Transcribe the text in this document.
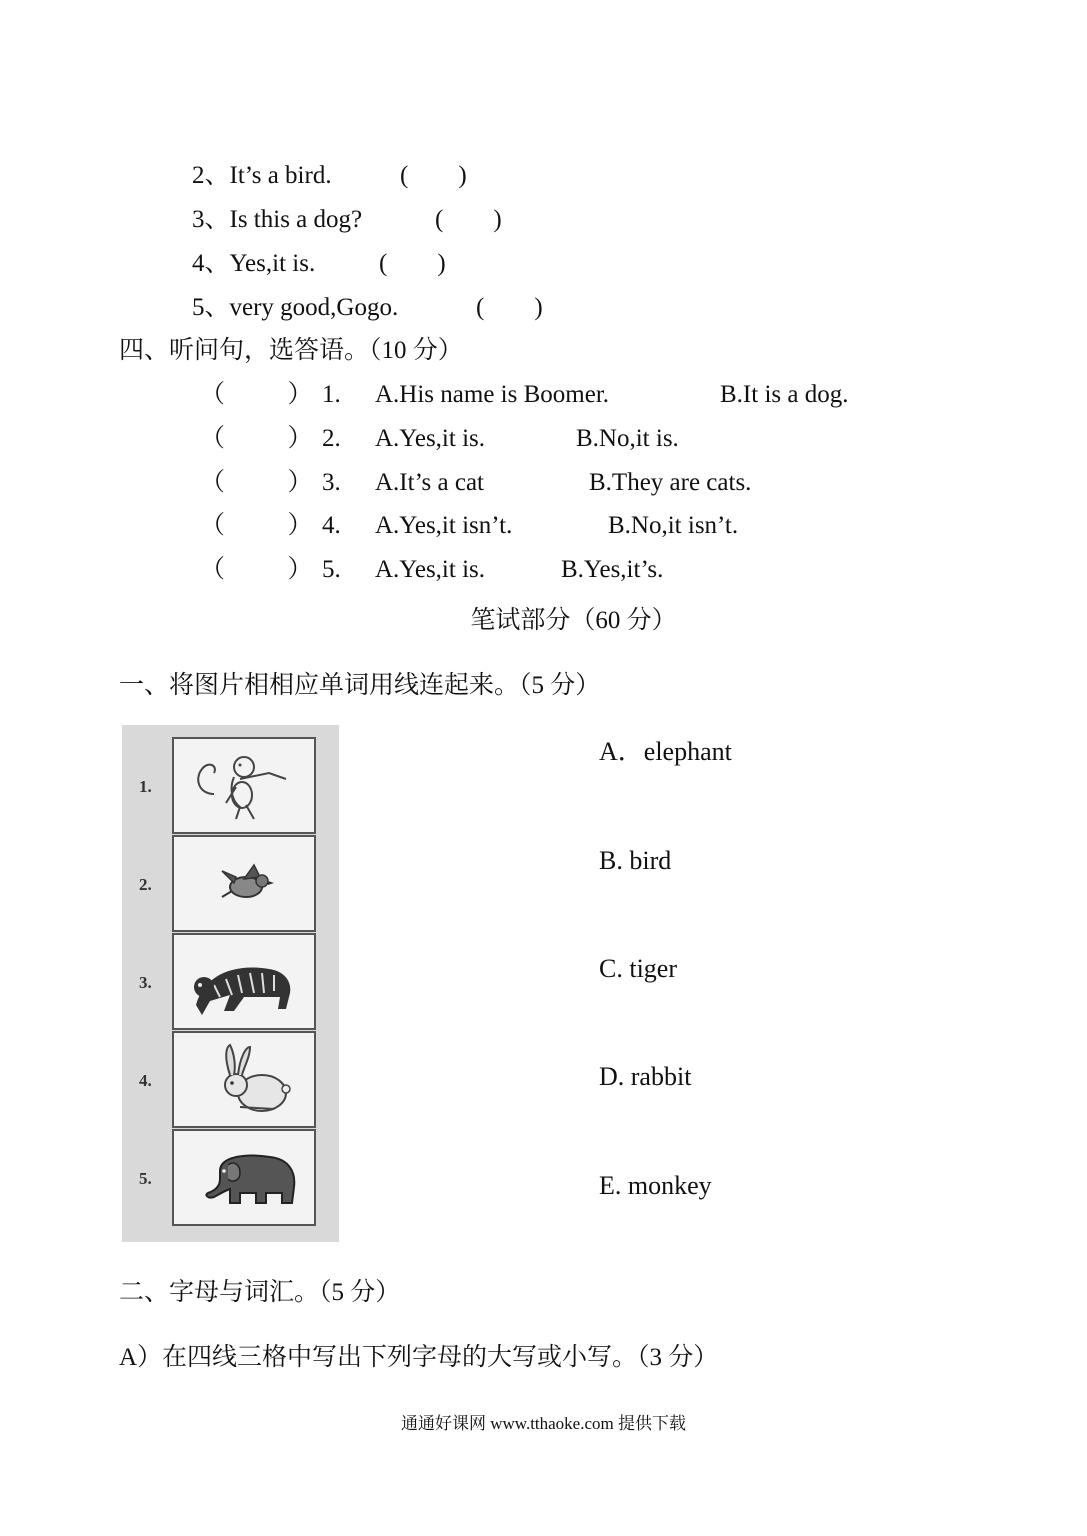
2、It’s a bird.	(        )
3、Is this a dog?	(        )
4、Yes,it is.	(        )
5、very good,Gogo.	(        )
四、听问句，选答语。（10 分）
（          ） 1. A.His name is Boomer.	B.It is a dog.
（          ） 2. A.Yes,it is.	B.No,it is.
（          ） 3. A.It’s a cat	B.They are cats.
（          ） 4. A.Yes,it isn’t.	B.No,it isn’t.
（          ） 5. A.Yes,it is.	B.Yes,it’s.
笔试部分（60 分）
一、将图片相相应单词用线连起来。（5 分）
1.
2.
3.
4.
5.
A．elephant
B. bird
C. tiger
D. rabbit
E. monkey
二、字母与词汇。（5 分）
A）在四线三格中写出下列字母的大写或小写。（3 分）
通通好课网 www.tthaoke.com 提供下载
